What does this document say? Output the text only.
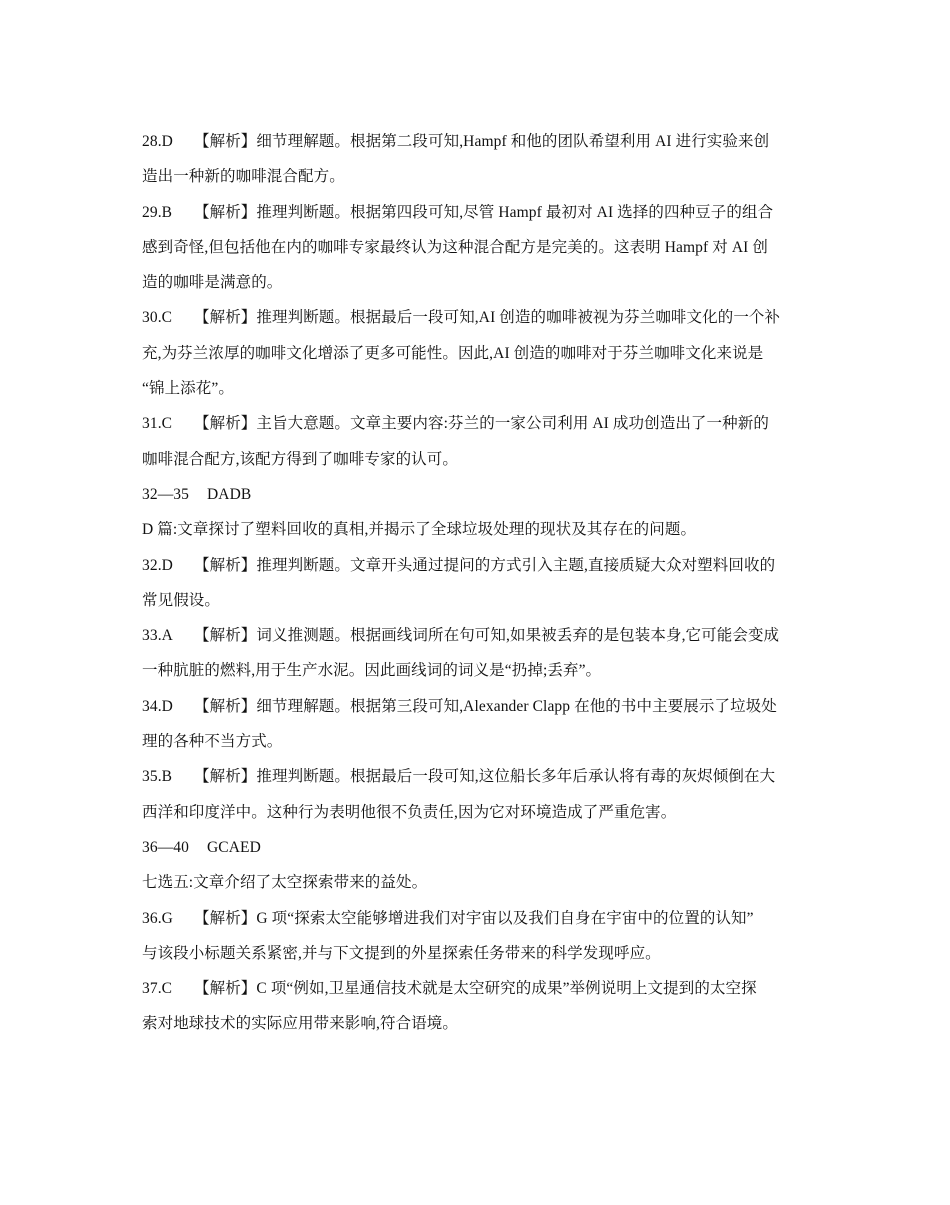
28.D 【解析】细节理解题。根据第二段可知,Hampf 和他的团队希望利用 AI 进行实验来创
造出一种新的咖啡混合配方。
29.B 【解析】推理判断题。根据第四段可知,尽管 Hampf 最初对 AI 选择的四种豆子的组合
感到奇怪,但包括他在内的咖啡专家最终认为这种混合配方是完美的。这表明 Hampf 对 AI 创
造的咖啡是满意的。
30.C 【解析】推理判断题。根据最后一段可知,AI 创造的咖啡被视为芬兰咖啡文化的一个补
充,为芬兰浓厚的咖啡文化增添了更多可能性。因此,AI 创造的咖啡对于芬兰咖啡文化来说是
“锦上添花”。
31.C 【解析】主旨大意题。文章主要内容:芬兰的一家公司利用 AI 成功创造出了一种新的
咖啡混合配方,该配方得到了咖啡专家的认可。
32—35 DADB
D 篇:文章探讨了塑料回收的真相,并揭示了全球垃圾处理的现状及其存在的问题。
32.D 【解析】推理判断题。文章开头通过提问的方式引入主题,直接质疑大众对塑料回收的
常见假设。
33.A 【解析】词义推测题。根据画线词所在句可知,如果被丢弃的是包装本身,它可能会变成
一种肮脏的燃料,用于生产水泥。因此画线词的词义是“扔掉;丢弃”。
34.D 【解析】细节理解题。根据第三段可知,Alexander Clapp 在他的书中主要展示了垃圾处
理的各种不当方式。
35.B 【解析】推理判断题。根据最后一段可知,这位船长多年后承认将有毒的灰烬倾倒在大
西洋和印度洋中。这种行为表明他很不负责任,因为它对环境造成了严重危害。
36—40 GCAED
七选五:文章介绍了太空探索带来的益处。
36.G 【解析】G 项“探索太空能够增进我们对宇宙以及我们自身在宇宙中的位置的认知”
与该段小标题关系紧密,并与下文提到的外星探索任务带来的科学发现呼应。
37.C 【解析】C 项“例如,卫星通信技术就是太空研究的成果”举例说明上文提到的太空探
索对地球技术的实际应用带来影响,符合语境。
